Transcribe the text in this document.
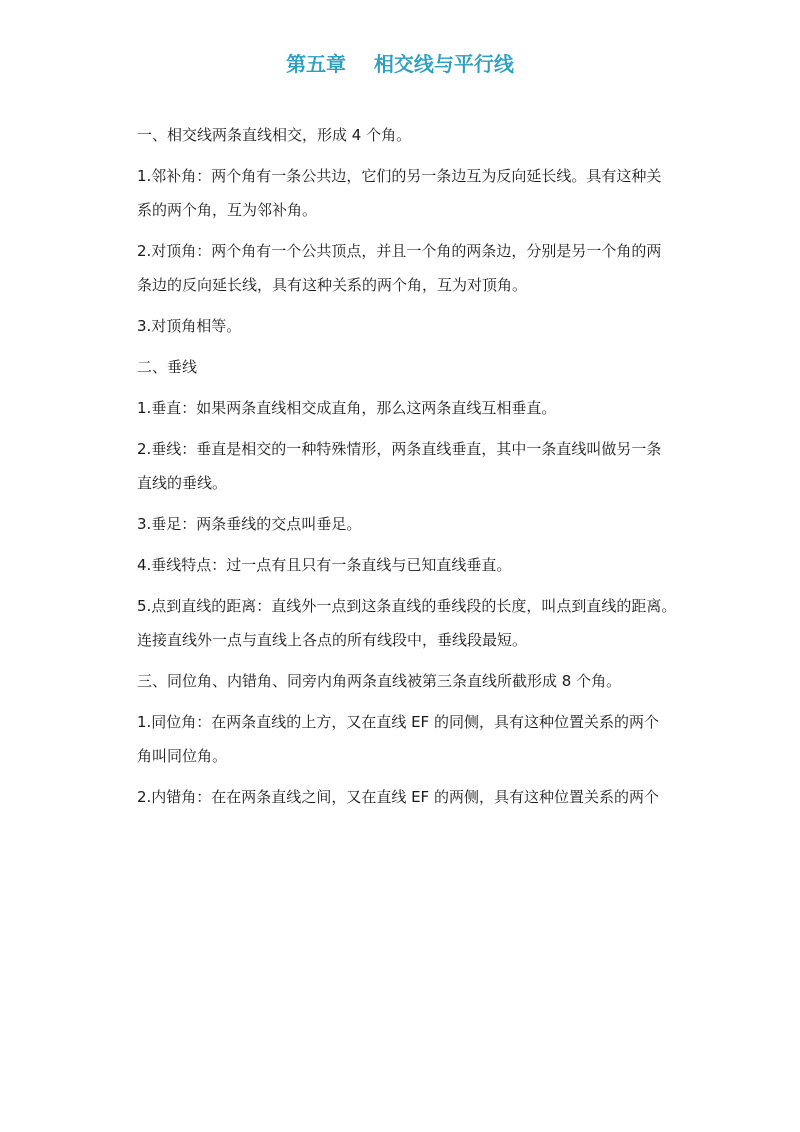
第五章    相交线与平行线
一、相交线两条直线相交，形成 4 个角。
1.邻补角：两个角有一条公共边，它们的另一条边互为反向延长线。具有这种关
系的两个角，互为邻补角。
2.对顶角：两个角有一个公共顶点，并且一个角的两条边，分别是另一个角的两
条边的反向延长线，具有这种关系的两个角，互为对顶角。
3.对顶角相等。
二、垂线
1.垂直：如果两条直线相交成直角，那么这两条直线互相垂直。
2.垂线：垂直是相交的一种特殊情形，两条直线垂直，其中一条直线叫做另一条
直线的垂线。
3.垂足：两条垂线的交点叫垂足。
4.垂线特点：过一点有且只有一条直线与已知直线垂直。
5.点到直线的距离：直线外一点到这条直线的垂线段的长度，叫点到直线的距离。
连接直线外一点与直线上各点的所有线段中，垂线段最短。
三、同位角、内错角、同旁内角两条直线被第三条直线所截形成 8 个角。
1.同位角：在两条直线的上方，又在直线 EF 的同侧，具有这种位置关系的两个
角叫同位角。
2.内错角：在在两条直线之间，又在直线 EF 的两侧，具有这种位置关系的两个
